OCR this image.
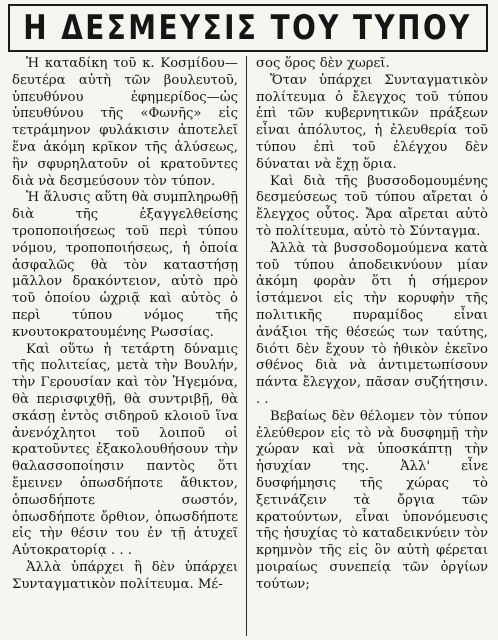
Η ΔΕΣΜΕΥΣΙΣ ΤΟΥ ΤΥΠΟΥ

Ἡ καταδίκη τοῦ κ. Κοσμίδου—δευτέρα αὐτὴ τῶν βουλευτοῦ, ὑπευθύνου ἐφημερίδος—ὡς ὑπευθύνου τῆς «Φωνῆς» εἰς τετράμηνον φυλάκισιν ἀποτελεῖ ἕνα ἀκόμη κρῖκον τῆς ἁλύσεως, ἣν σφυρηλατοῦν οἱ κρατοῦντες διὰ νὰ δεσμεύσουν τὸν τύπον.

Ἡ ἅλυσις αὕτη θὰ συμπληρωθῇ διὰ τῆς ἐξαγγελθείσης τροποποιήσεως τοῦ περὶ τύπου νόμου, τροποποιήσεως, ἡ ὁποία ἀσφαλῶς θὰ τὸν καταστήσῃ μᾶλλον δρακόντειον, αὐτὸ πρὸ τοῦ ὁποίου ὠχριᾷ καὶ αὐτὸς ὁ περὶ τύπου νόμος τῆς κνουτοκρατουμένης Ρωσσίας.

Καὶ οὕτω ἡ τετάρτη δύναμις τῆς πολιτείας, μετὰ τὴν Βουλήν, τὴν Γερουσίαν καὶ τὸν Ἡγεμόνα, θὰ περισφιχθῇ, θὰ συντριβῇ, θὰ σκάσῃ ἐντὸς σιδηροῦ κλοιοῦ ἵνα ἀνενόχλητοι τοῦ λοιποῦ οἱ κρατοῦντες ἐξακολουθήσουν τὴν θαλασσοποίησιν παντὸς ὅτι ἔμεινεν ὁπωσδήποτε ἄθικτον, ὁπωσδήποτε σωστόν, ὁπωσδήποτε ὄρθιον, ὁπωσδήποτε εἰς τὴν θέσιν του ἐν τῇ ἀτυχεῖ Αὐτοκρατορίᾳ . . .

Ἀλλὰ ὑπάρχει ἢ δὲν ὑπάρχει Συνταγματικὸν πολίτευμα. Μέ-

σος ὅρος δὲν χωρεῖ.

Ὅταν ὑπάρχει Συνταγματικὸν πολίτευμα ὁ ἔλεγχος τοῦ τύπου ἐπὶ τῶν κυβερνητικῶν πράξεων εἶναι ἀπόλυτος, ἡ ἐλευθερία τοῦ τύπου ἐπὶ τοῦ ἐλέγχου δὲν δύναται νὰ ἔχῃ ὅρια.

Καὶ διὰ τῆς βυσσοδομουμένης δεσμεύσεως τοῦ τύπου αἴρεται ὁ ἔλεγχος οὗτος. Ἄρα αἴρεται αὐτὸ τὸ πολίτευμα, αὐτὸ τὸ Σύνταγμα.

Ἀλλὰ τὰ βυσσοδομούμενα κατὰ τοῦ τύπου ἀποδεικνύουν μίαν ἀκόμη φορὰν ὅτι ἡ σήμερον ἱστάμενοι εἰς τὴν κορυφὴν τῆς πολιτικῆς πυραμίδος εἶναι ἀνάξιοι τῆς θέσεώς των ταύτης, διότι δὲν ἔχουν τὸ ἠθικὸν ἐκεῖνο σθένος διὰ νὰ ἀντιμετωπίσουν πάντα ἔλεγχον, πᾶσαν συζήτησιν. . .

Βεβαίως δὲν θέλομεν τὸν τύπον ἐλεύθερον εἰς τὸ νὰ δυσφημῇ τὴν χώραν καὶ νὰ ὑποσκάπτῃ τὴν ἡσυχίαν της. Ἀλλ' εἶνε δυσφήμησις τῆς χώρας τὸ ξετινάζειν τὰ ὄργια τῶν κρατούντων, εἶναι ὑπονόμευσις τῆς ἡσυχίας τὸ καταδεικνύειν τὸν κρημνὸν τῆς εἰς ὃν αὐτὴ φέρεται μοιραίως συνεπείᾳ τῶν ὀργίων τούτων;
